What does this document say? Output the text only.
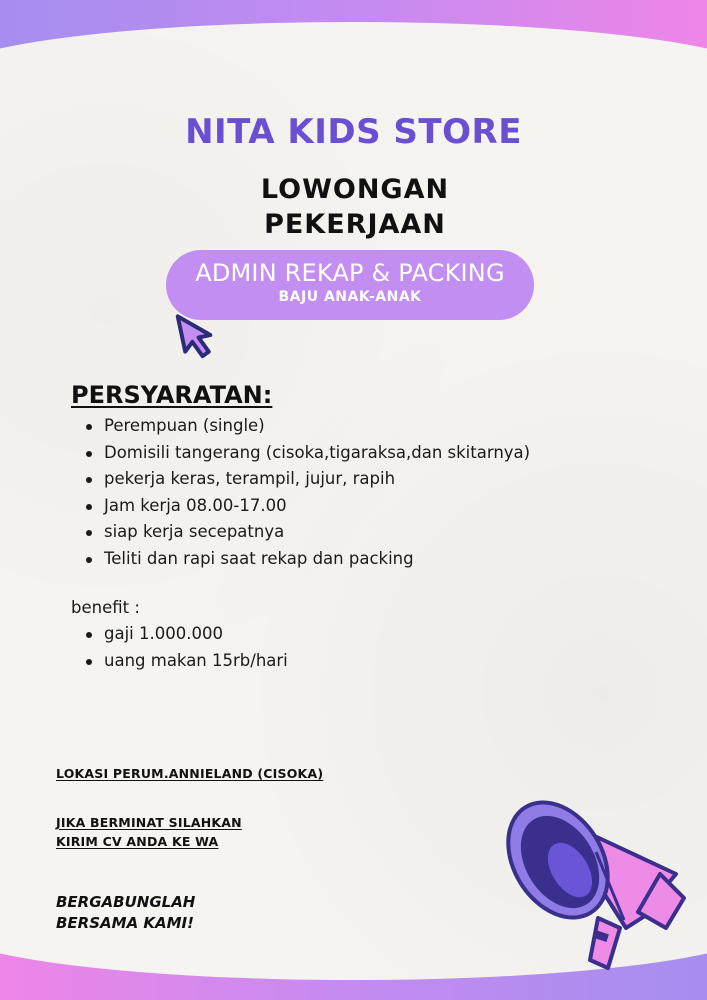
NITA KIDS STORE
LOWONGAN
PEKERJAAN
ADMIN REKAP & PACKING
BAJU ANAK-ANAK
PERSYARATAN:
Perempuan (single)
Domisili tangerang (cisoka,tigaraksa,dan skitarnya)
pekerja keras, terampil, jujur, rapih
Jam kerja 08.00-17.00
siap kerja secepatnya
Teliti dan rapi saat rekap dan packing
benefit :
gaji 1.000.000
uang makan 15rb/hari
LOKASI PERUM.ANNIELAND (CISOKA)
JIKA BERMINAT SILAHKAN
KIRIM CV ANDA KE WA
BERGABUNGLAH
BERSAMA KAMI!
